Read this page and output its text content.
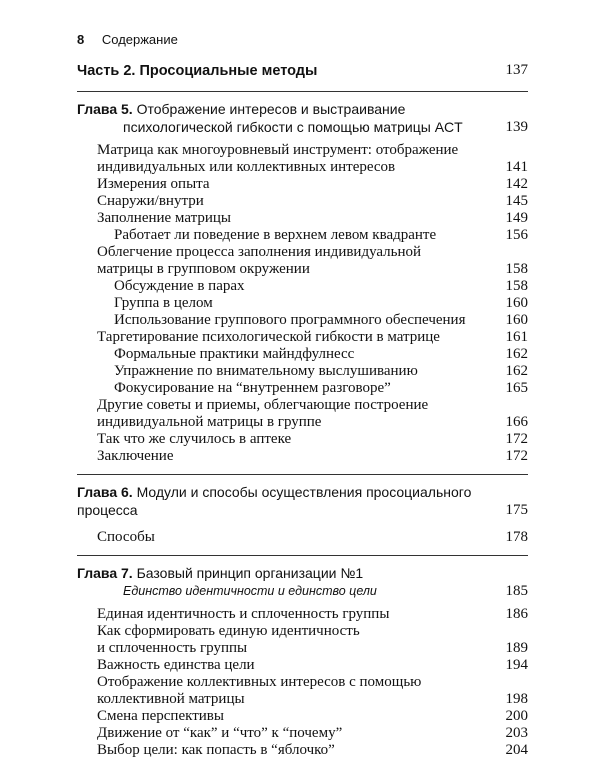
8 Содержание
Часть 2. Просоциальные методы	137
Глава 5. Отображение интересов и выстраивание
психологической гибкости с помощью матрицы ACT	139
Матрица как многоуровневый инструмент: отображение
индивидуальных или коллективных интересов	141
Измерения опыта	142
Снаружи/внутри	145
Заполнение матрицы	149
Работает ли поведение в верхнем левом квадранте	156
Облегчение процесса заполнения индивидуальной
матрицы в групповом окружении	158
Обсуждение в парах	158
Группа в целом	160
Использование группового программного обеспечения	160
Таргетирование психологической гибкости в матрице	161
Формальные практики майндфулнесс	162
Упражнение по внимательному выслушиванию	162
Фокусирование на “внутреннем разговоре”	165
Другие советы и приемы, облегчающие построение
индивидуальной матрицы в группе	166
Так что же случилось в аптеке	172
Заключение	172
Глава 6. Модули и способы осуществления просоциального процесса	175
Способы	178
Глава 7. Базовый принцип организации №1
Единство идентичности и единство цели	185
Единая идентичность и сплоченность группы	186
Как сформировать единую идентичность
и сплоченность группы	189
Важность единства цели	194
Отображение коллективных интересов с помощью
коллективной матрицы	198
Смена перспективы	200
Движение от “как” и “что” к “почему”	203
Выбор цели: как попасть в “яблочко”	204
